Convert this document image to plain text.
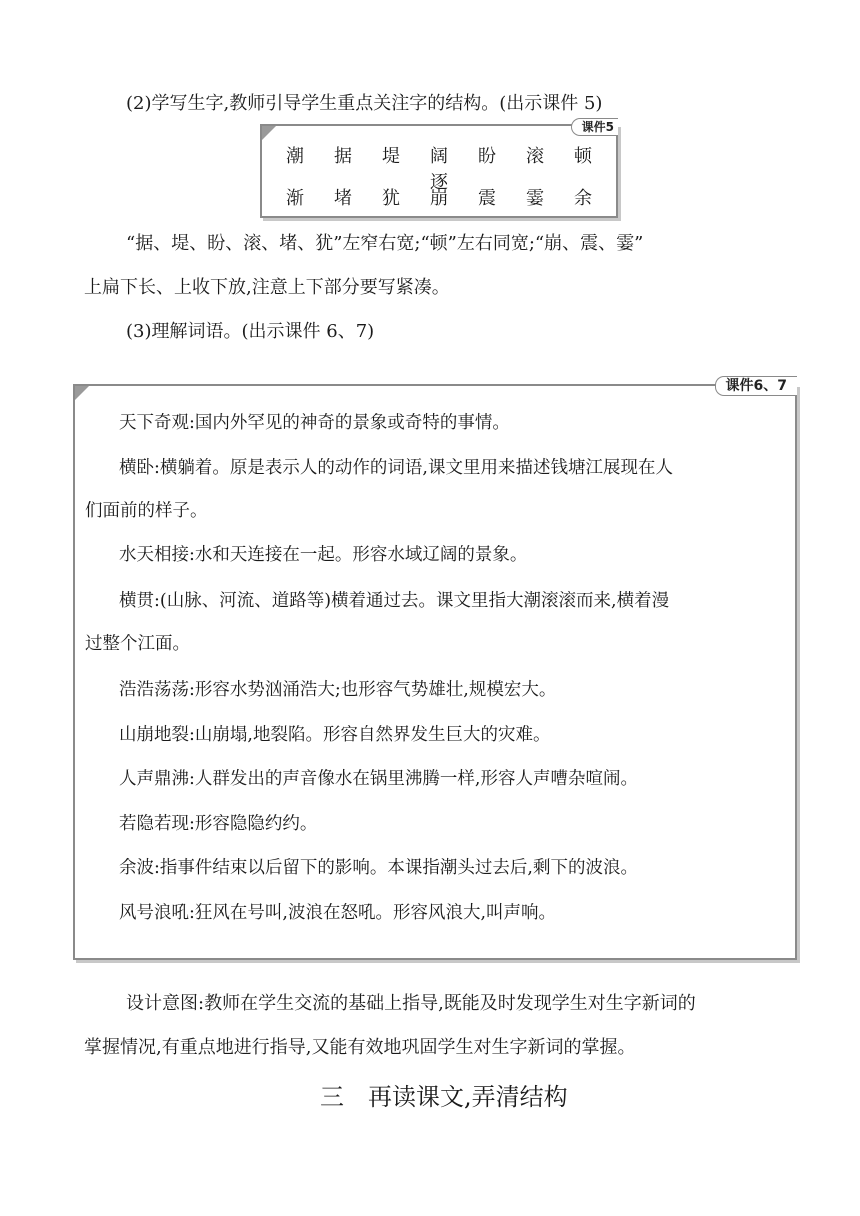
(2)学写生字,教师引导学生重点关注字的结构。(出示课件 5)
课件5
潮 据 堤 阔 盼 滚 顿逐
渐 堵 犹 崩 震 霎 余
“据、堤、盼、滚、堵、犹”左窄右宽;“顿”左右同宽;“崩、震、霎”
上扁下长、上收下放,注意上下部分要写紧凑。
(3)理解词语。(出示课件 6、7)
课件6、7
天下奇观:国内外罕见的神奇的景象或奇特的事情。
横卧:横躺着。原是表示人的动作的词语,课文里用来描述钱塘江展现在人
们面前的样子。
水天相接:水和天连接在一起。形容水域辽阔的景象。
横贯:(山脉、河流、道路等)横着通过去。课文里指大潮滚滚而来,横着漫
过整个江面。
浩浩荡荡:形容水势汹涌浩大;也形容气势雄壮,规模宏大。
山崩地裂:山崩塌,地裂陷。形容自然界发生巨大的灾难。
人声鼎沸:人群发出的声音像水在锅里沸腾一样,形容人声嘈杂喧闹。
若隐若现:形容隐隐约约。
余波:指事件结束以后留下的影响。本课指潮头过去后,剩下的波浪。
风号浪吼:狂风在号叫,波浪在怒吼。形容风浪大,叫声响。
设计意图:教师在学生交流的基础上指导,既能及时发现学生对生字新词的
掌握情况,有重点地进行指导,又能有效地巩固学生对生字新词的掌握。
三　再读课文,弄清结构
